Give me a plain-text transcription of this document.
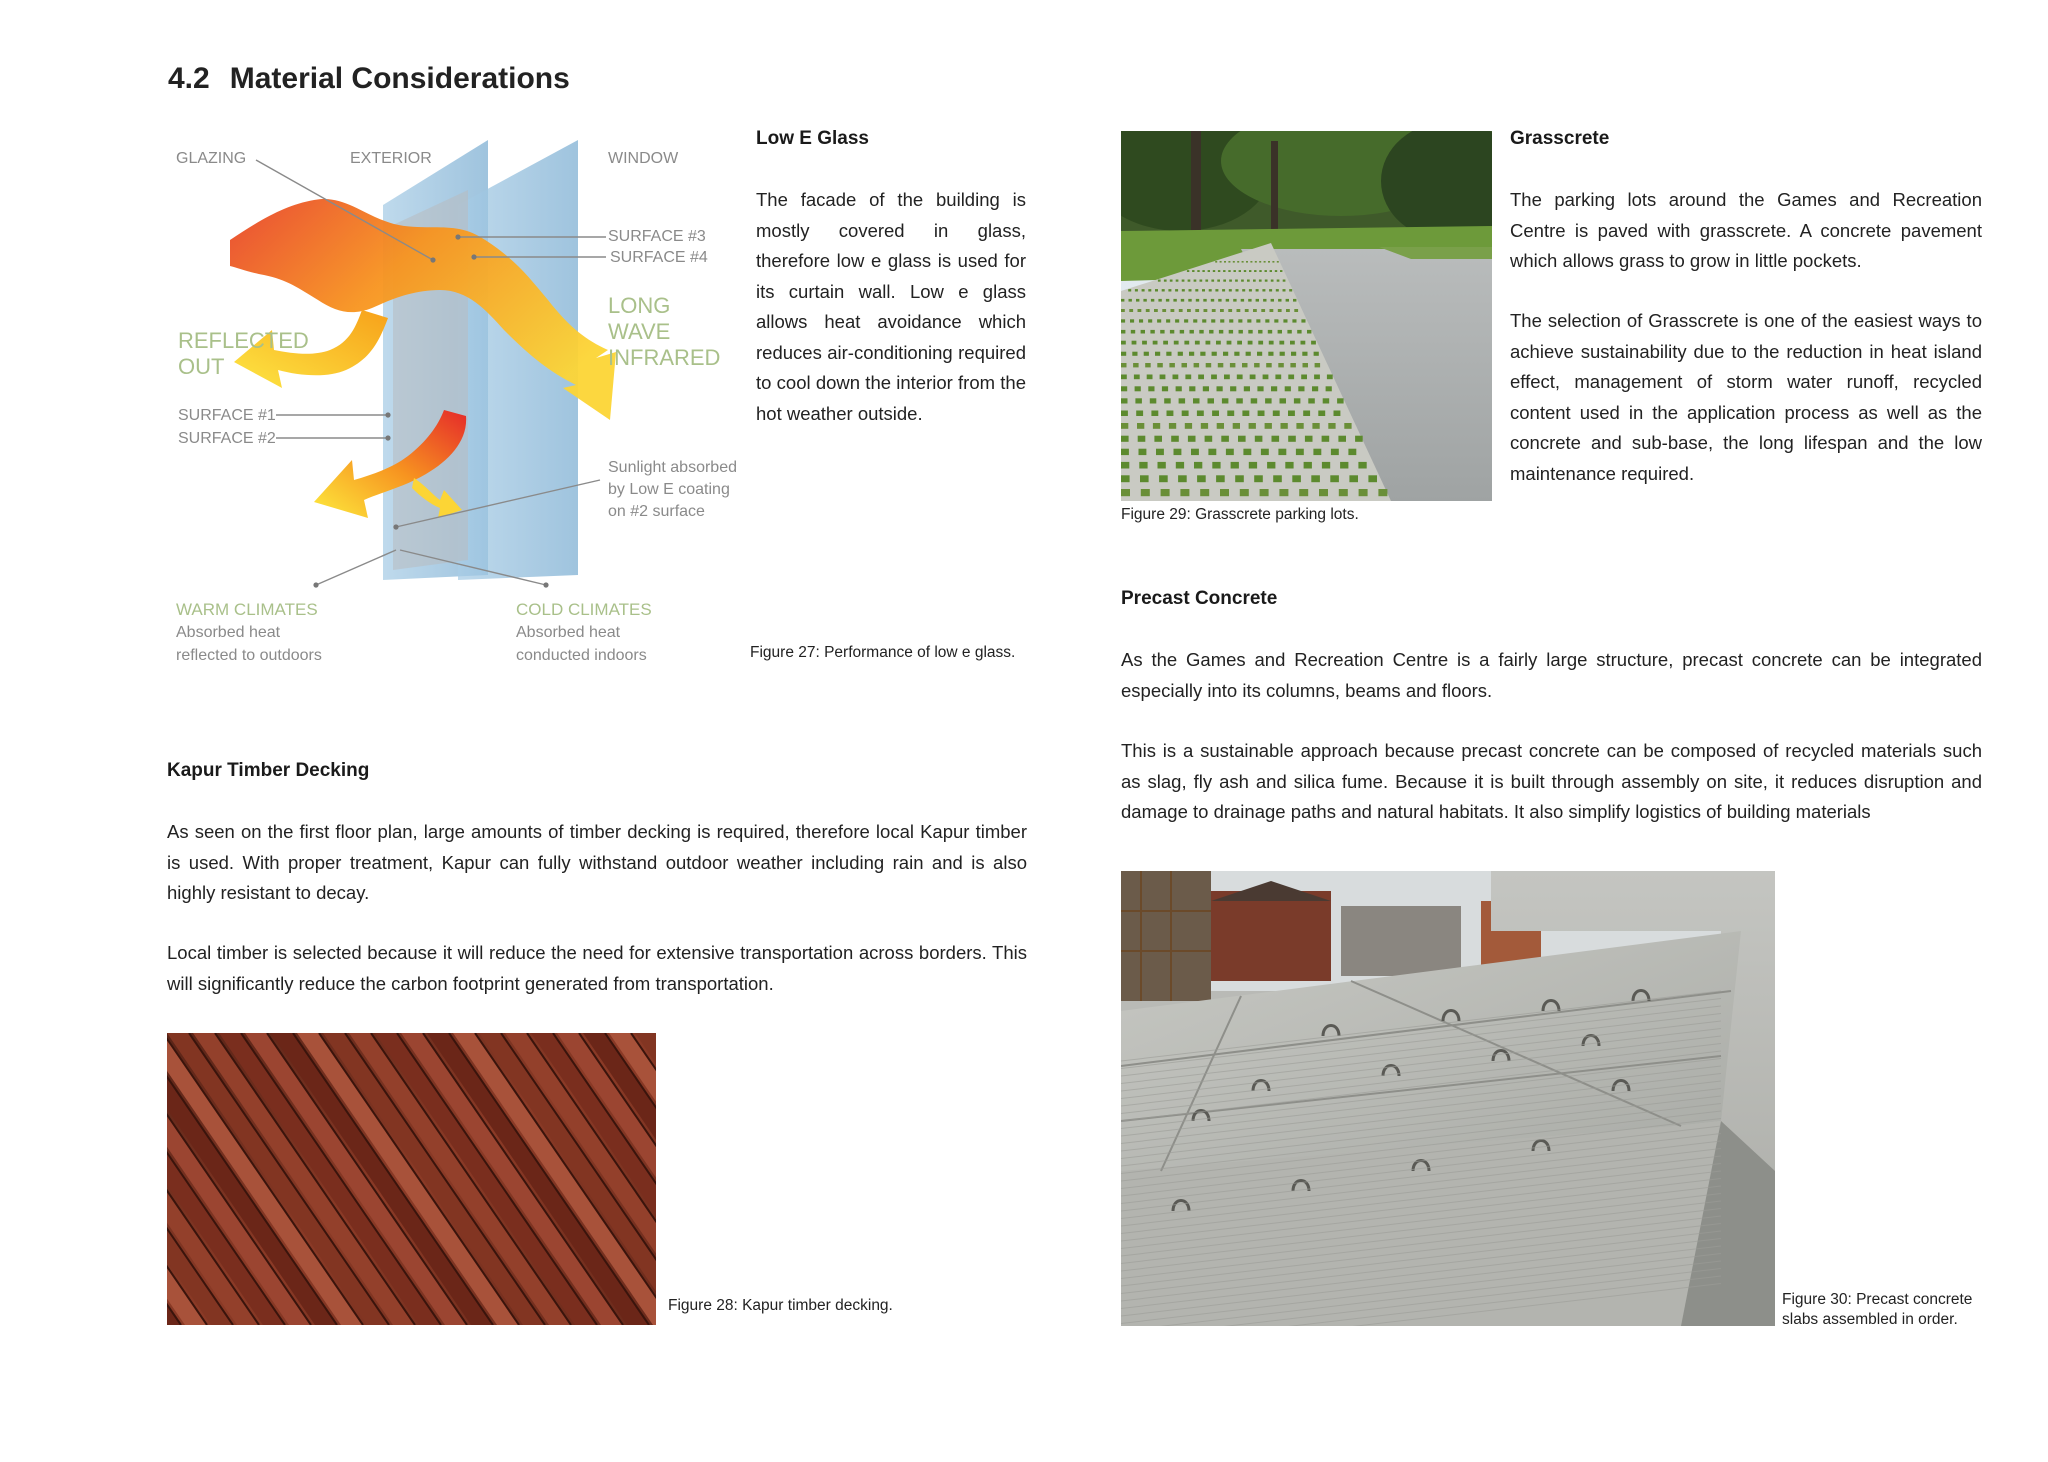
4.2 Material Considerations
GLAZING	EXTERIOR	WINDOW
SURFACE #3
SURFACE #4
REFLECTED
OUT
LONG
WAVE
INFRARED
SURFACE #1
SURFACE #2
Sunlight absorbed
by Low E coating
on #2 surface
WARM CLIMATES
Absorbed heat
reflected to outdoors
COLD CLIMATES
Absorbed heat
conducted indoors
Low E Glass

The facade of the building is mostly covered in glass, therefore low e glass is used for its curtain wall. Low e glass allows heat avoidance which reduces air-conditioning required to cool down the interior from the hot weather outside.

Figure 27: Performance of low e glass.

Kapur Timber Decking

As seen on the first floor plan, large amounts of timber decking is required, therefore local Kapur timber is used. With proper treatment, Kapur can fully withstand outdoor weather including rain and is also highly resistant to decay.

Local timber is selected because it will reduce the need for extensive transportation across borders. This will significantly reduce the carbon footprint generated from transportation.

Figure 28: Kapur timber decking.

Grasscrete

The parking lots around the Games and Recreation Centre is paved with grasscrete. A concrete pavement which allows grass to grow in little pockets.

The selection of Grasscrete is one of the easiest ways to achieve sustainability due to the reduction in heat island effect, management of storm water runoff, recycled content used in the application process as well as the concrete and sub-base, the long lifespan and the low maintenance required.

Figure 29: Grasscrete parking lots.

Precast Concrete

As the Games and Recreation Centre is a fairly large structure, precast concrete can be integrated especially into its columns, beams and floors.

This is a sustainable approach because precast concrete can be composed of recycled materials such as slag, fly ash and silica fume. Because it is built through assembly on site, it reduces disruption and damage to drainage paths and natural habitats. It also simplify logistics of building materials

Figure 30: Precast concrete

slabs assembled in order.
